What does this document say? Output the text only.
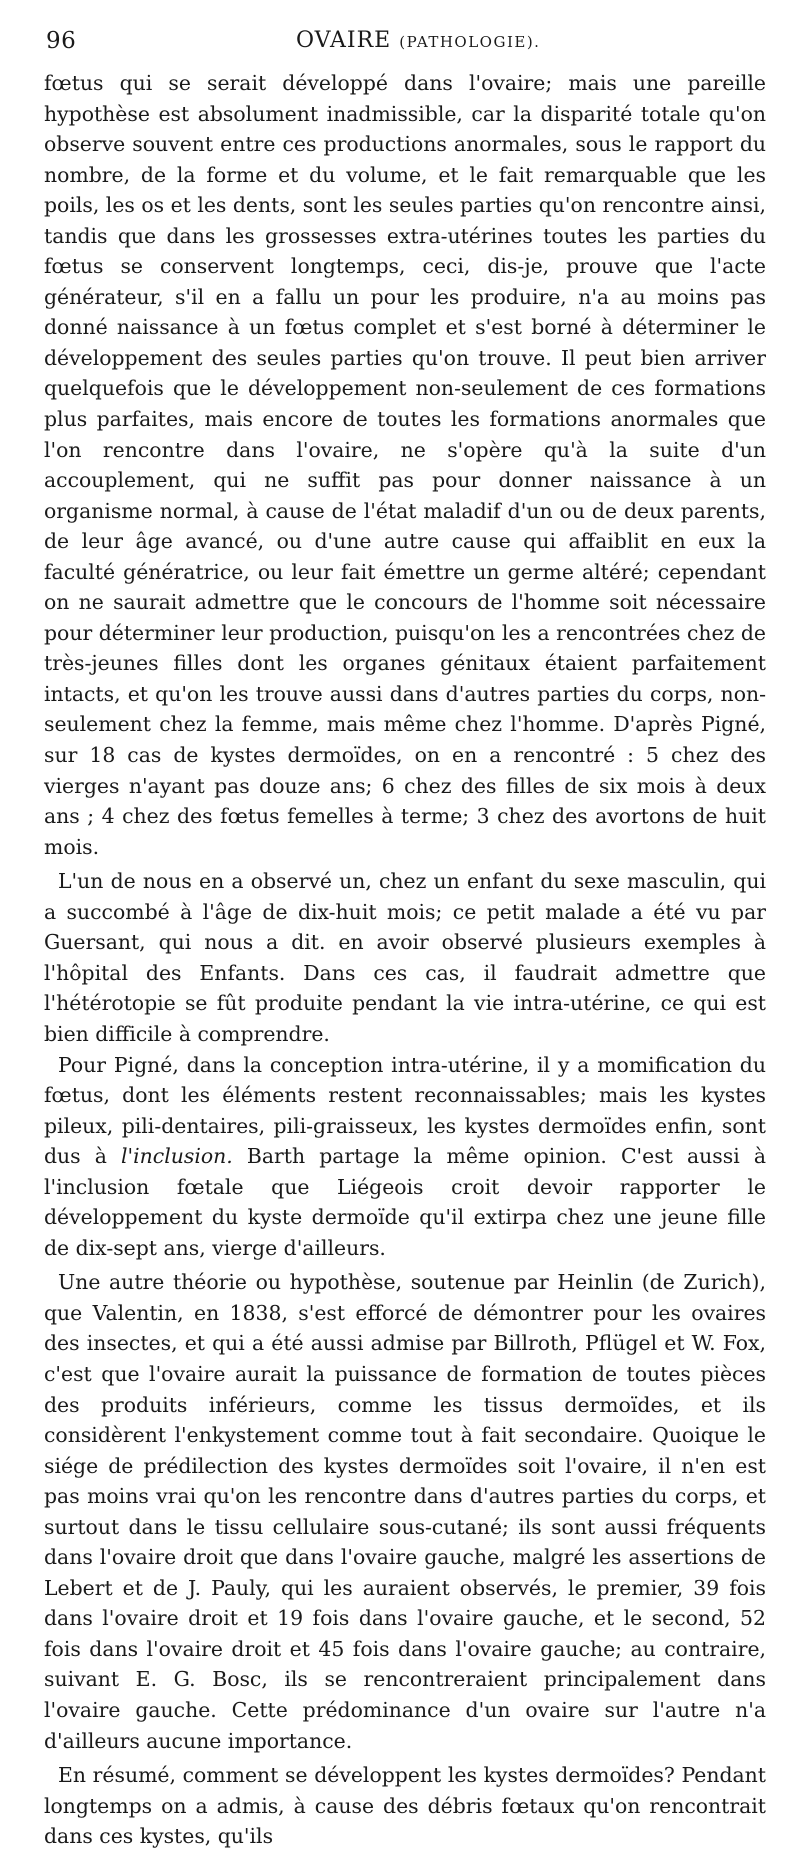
96	OVAIRE (PATHOLOGIE).

fœtus qui se serait développé dans l'ovaire; mais une pareille hypothèse est absolument inadmissible, car la disparité totale qu'on observe souvent entre ces productions anormales, sous le rapport du nombre, de la forme et du volume, et le fait remarquable que les poils, les os et les dents, sont les seules parties qu'on rencontre ainsi, tandis que dans les grossesses extra-utérines toutes les parties du fœtus se conservent longtemps, ceci, dis-je, prouve que l'acte générateur, s'il en a fallu un pour les produire, n'a au moins pas donné naissance à un fœtus complet et s'est borné à déterminer le développement des seules parties qu'on trouve. Il peut bien arriver quelquefois que le développement non-seulement de ces formations plus parfaites, mais encore de toutes les formations anormales que l'on rencontre dans l'ovaire, ne s'opère qu'à la suite d'un accouplement, qui ne suffit pas pour donner naissance à un organisme normal, à cause de l'état maladif d'un ou de deux parents, de leur âge avancé, ou d'une autre cause qui affaiblit en eux la faculté génératrice, ou leur fait émettre un germe altéré; cependant on ne saurait admettre que le concours de l'homme soit nécessaire pour déterminer leur production, puisqu'on les a rencontrées chez de très-jeunes filles dont les organes génitaux étaient parfaitement intacts, et qu'on les trouve aussi dans d'autres parties du corps, non-seulement chez la femme, mais même chez l'homme. D'après Pigné, sur 18 cas de kystes dermoïdes, on en a rencontré : 5 chez des vierges n'ayant pas douze ans; 6 chez des filles de six mois à deux ans ; 4 chez des fœtus femelles à terme; 3 chez des avortons de huit mois.

L'un de nous en a observé un, chez un enfant du sexe masculin, qui a succombé à l'âge de dix-huit mois; ce petit malade a été vu par Guersant, qui nous a dit. en avoir observé plusieurs exemples à l'hôpital des Enfants. Dans ces cas, il faudrait admettre que l'hétérotopie se fût produite pendant la vie intra-utérine, ce qui est bien difficile à comprendre.

Pour Pigné, dans la conception intra-utérine, il y a momification du fœtus, dont les éléments restent reconnaissables; mais les kystes pileux, pili-dentaires, pili-graisseux, les kystes dermoïdes enfin, sont dus à l'inclusion. Barth partage la même opinion. C'est aussi à l'inclusion fœtale que Liégeois croit devoir rapporter le développement du kyste dermoïde qu'il extirpa chez une jeune fille de dix-sept ans, vierge d'ailleurs.

Une autre théorie ou hypothèse, soutenue par Heinlin (de Zurich), que Valentin, en 1838, s'est efforcé de démontrer pour les ovaires des insectes, et qui a été aussi admise par Billroth, Pflügel et W. Fox, c'est que l'ovaire aurait la puissance de formation de toutes pièces des produits inférieurs, comme les tissus dermoïdes, et ils considèrent l'enkystement comme tout à fait secondaire. Quoique le siége de prédilection des kystes dermoïdes soit l'ovaire, il n'en est pas moins vrai qu'on les rencontre dans d'autres parties du corps, et surtout dans le tissu cellulaire sous-cutané; ils sont aussi fréquents dans l'ovaire droit que dans l'ovaire gauche, malgré les assertions de Lebert et de J. Pauly, qui les auraient observés, le premier, 39 fois dans l'ovaire droit et 19 fois dans l'ovaire gauche, et le second, 52 fois dans l'ovaire droit et 45 fois dans l'ovaire gauche; au contraire, suivant E. G. Bosc, ils se rencontreraient principalement dans l'ovaire gauche. Cette prédominance d'un ovaire sur l'autre n'a d'ailleurs aucune importance.

En résumé, comment se développent les kystes dermoïdes? Pendant longtemps on a admis, à cause des débris fœtaux qu'on rencontrait dans ces kystes, qu'ils
